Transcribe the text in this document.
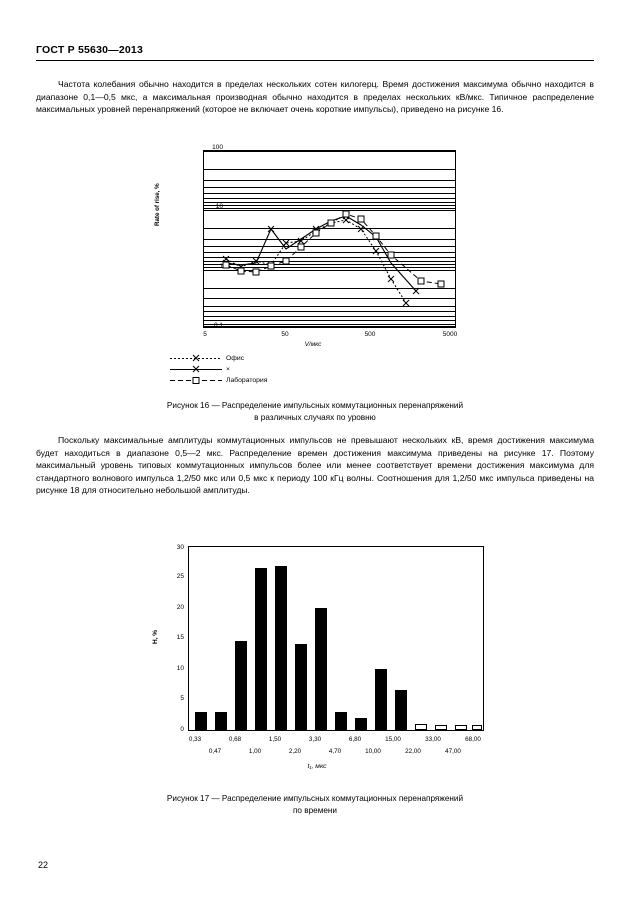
ГОСТ Р 55630—2013

Частота колебания обычно находится в пределах нескольких сотен килогерц. Время достижения максимума обычно находится в диапазоне 0,1—0,5 мкс, а максимальная производная обычно находится в пределах нескольких кВ/мкс. Типичное распределение максимальных уровней перенапряжений (которое не включает очень короткие импульсы), приведено на рисунке 16.

Rate of rise, %
100
10
1
0,1
5	50	500	5000
V/мкс
Офис
×
Лаборатория
Рисунок 16 — Распределение импульсных коммутационных перенапряжений
в различных случаях по уровню

Поскольку максимальные амплитуды коммутационных импульсов не превышают нескольких кВ, время достижения максимума будет находиться в диапазоне 0,5—2 мкс. Распределение времен достижения максимума приведены на рисунке 17. Поэтому максимальный уровень типовых коммутационных импульсов более или менее соответствует времени достижения максимума для стандартного волнового импульса 1,2/50 мкс или 0,5 мкс к периоду 100 кГц волны. Соотношения для 1,2/50 мкс импульса приведены на рисунке 18 для относительно небольшой амплитуды.

H, %
0
5
10
15
20
25
30
0,33
0,47
0,68
1,00
1,50
2,20
3,30
4,70
6,80
10,00
15,00
22,00
33,00
47,00
68,00
t₁, мкс
Рисунок 17 — Распределение импульсных коммутационных перенапряжений
по времени
22
